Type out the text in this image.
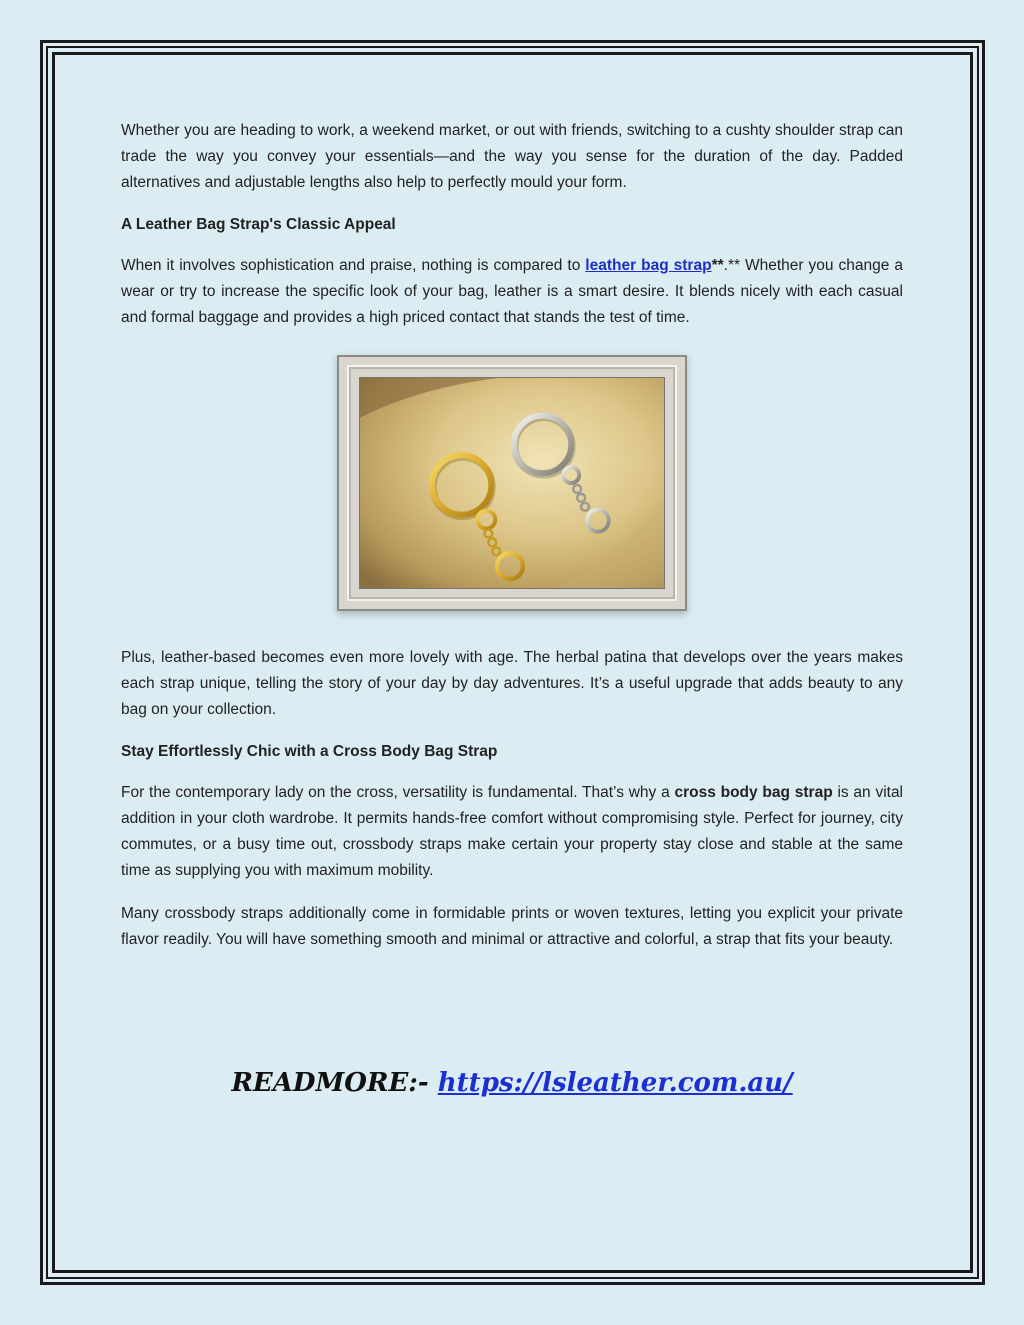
Whether you are heading to work, a weekend market, or out with friends, switching to a cushty shoulder strap can trade the way you convey your essentials—and the way you sense for the duration of the day. Padded alternatives and adjustable lengths also help to perfectly mould your form.

A Leather Bag Strap's Classic Appeal

When it involves sophistication and praise, nothing is compared to leather bag strap**.** Whether you change a wear or try to increase the specific look of your bag, leather is a smart desire. It blends nicely with each casual and formal baggage and provides a high priced contact that stands the test of time.

Plus, leather-based becomes even more lovely with age. The herbal patina that develops over the years makes each strap unique, telling the story of your day by day adventures. It’s a useful upgrade that adds beauty to any bag on your collection.

Stay Effortlessly Chic with a Cross Body Bag Strap

For the contemporary lady on the cross, versatility is fundamental. That’s why a cross body bag strap is an vital addition in your cloth wardrobe. It permits hands-free comfort without compromising style. Perfect for journey, city commutes, or a busy time out, crossbody straps make certain your property stay close and stable at the same time as supplying you with maximum mobility.

Many crossbody straps additionally come in formidable prints or woven textures, letting you explicit your private flavor readily. You will have something smooth and minimal or attractive and colorful, a strap that fits your beauty.

READMORE:- https://lsleather.com.au/
